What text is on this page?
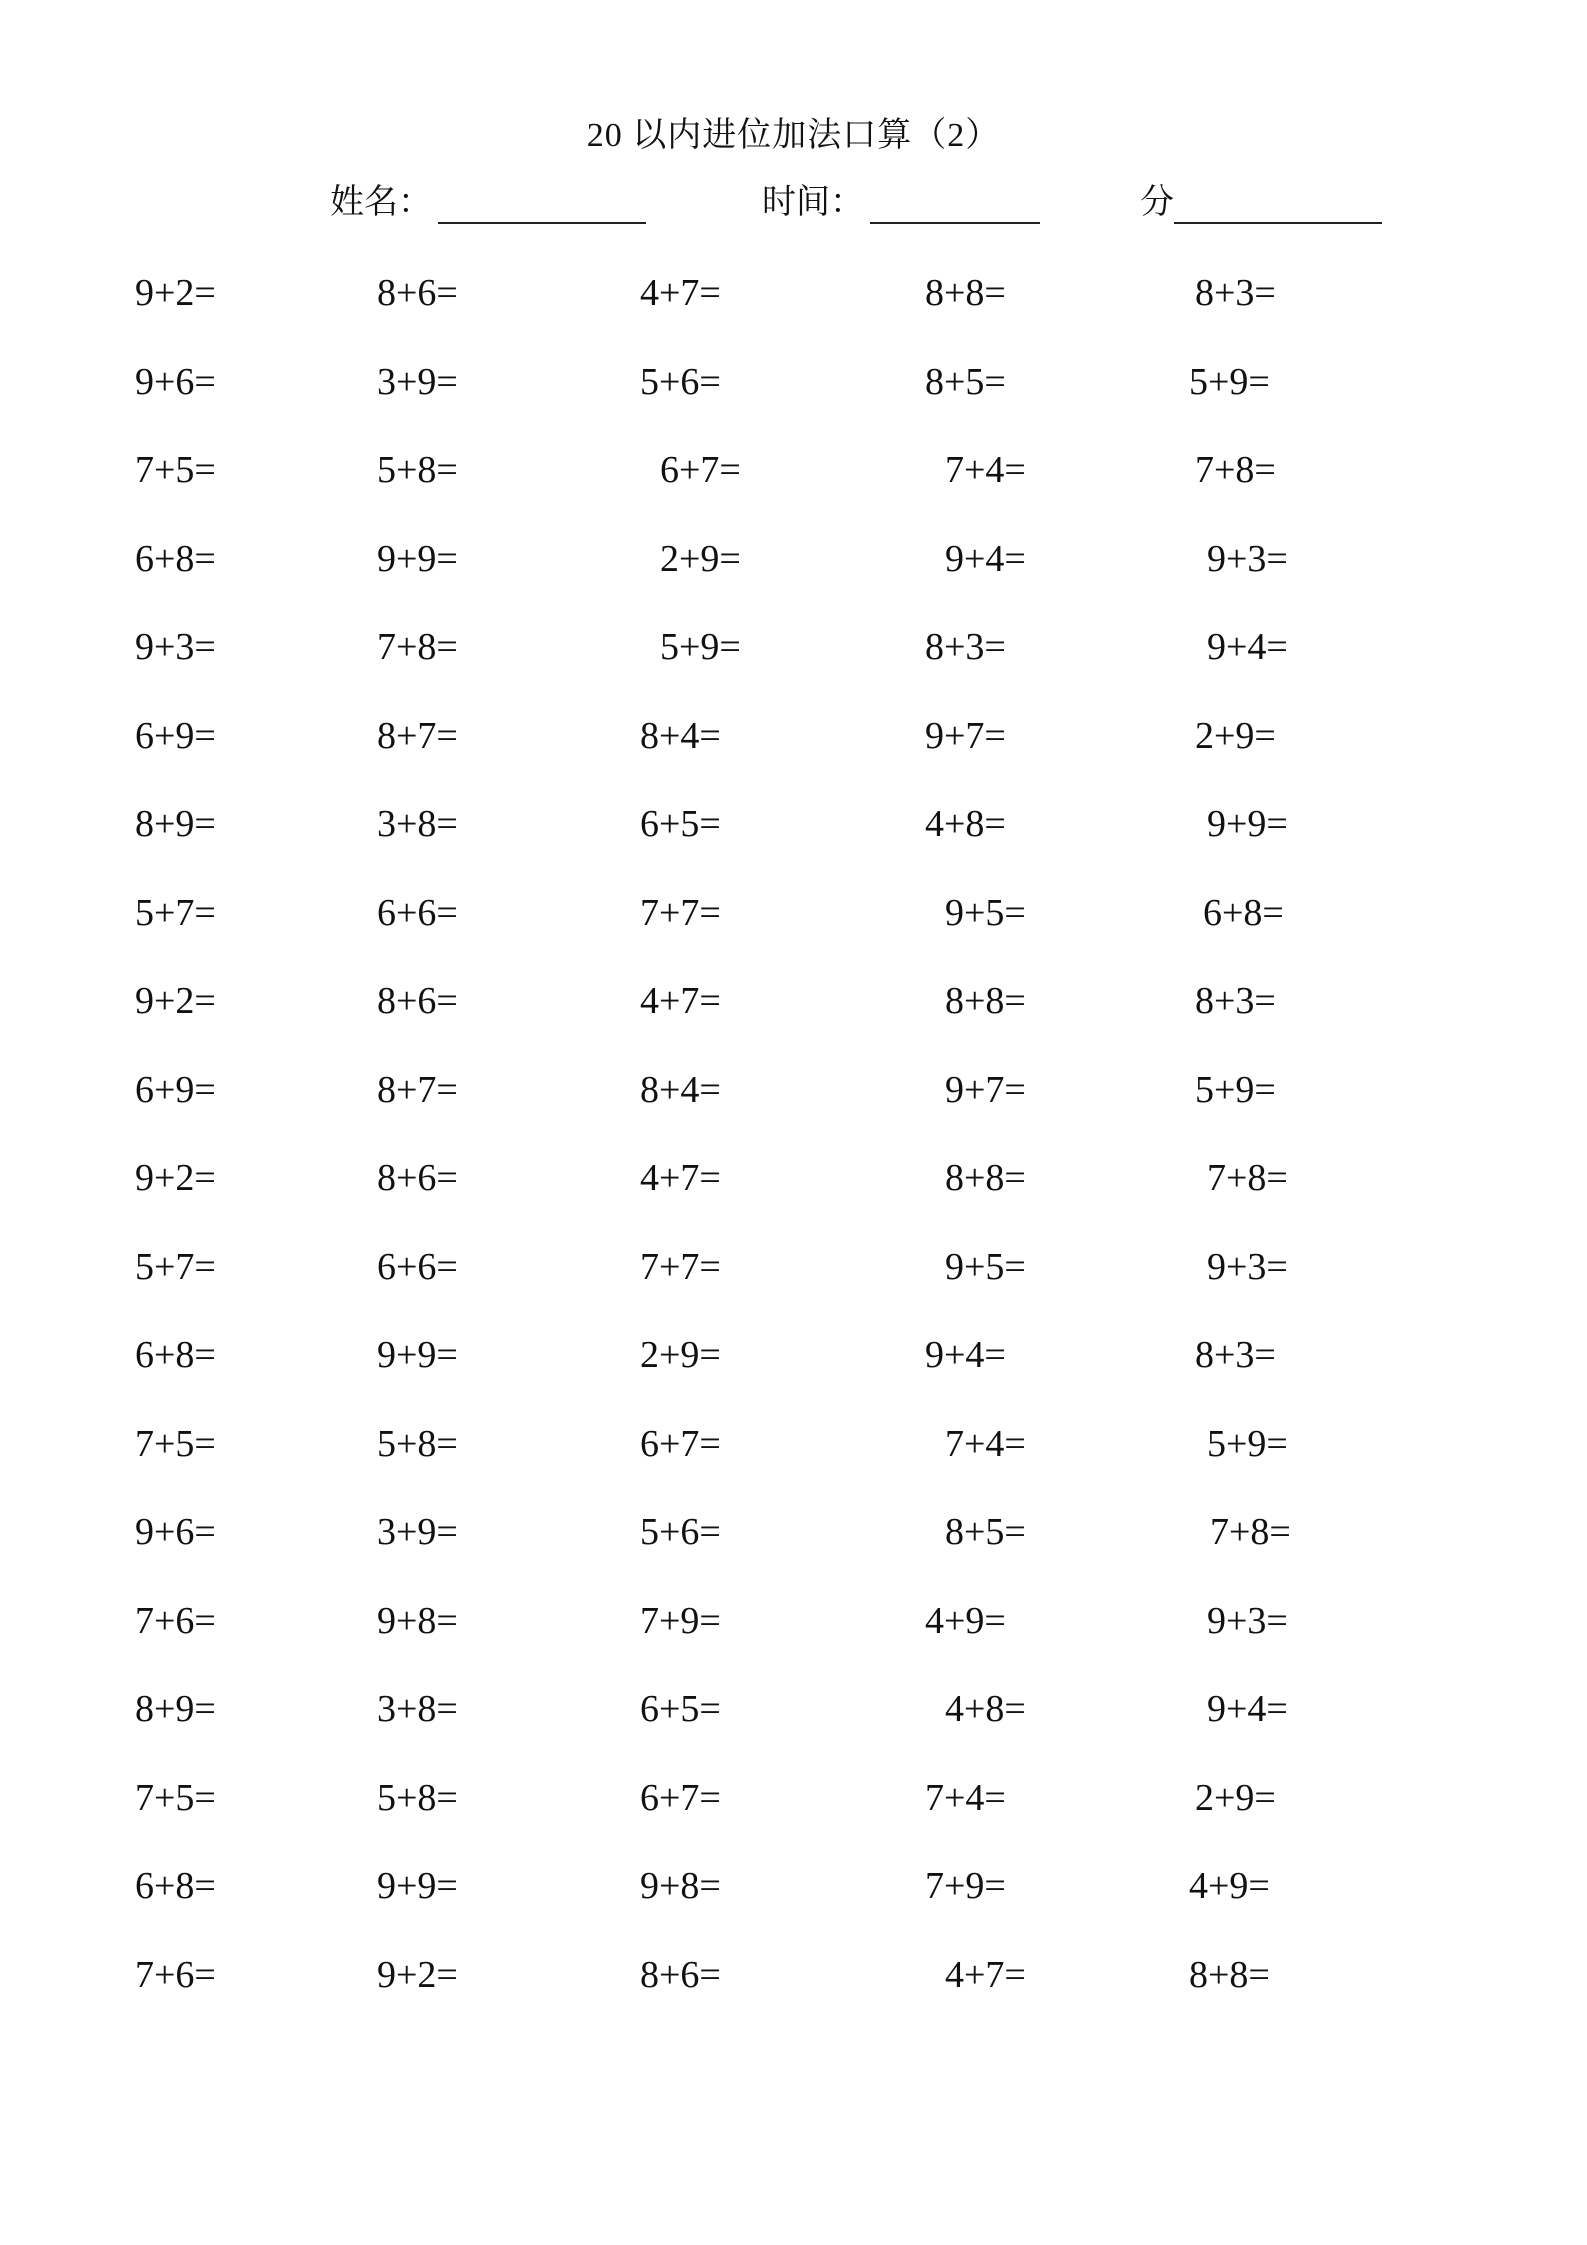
20 以内进位加法口算（2）
姓名：	时间：	分
9+2=	8+6=	4+7=	8+8=	8+3=
9+6=	3+9=	5+6=	8+5=	5+9=
7+5=	5+8=	6+7=	7+4=	7+8=
6+8=	9+9=	2+9=	9+4=	9+3=
9+3=	7+8=	5+9=	8+3=	9+4=
6+9=	8+7=	8+4=	9+7=	2+9=
8+9=	3+8=	6+5=	4+8=	9+9=
5+7=	6+6=	7+7=	9+5=	6+8=
9+2=	8+6=	4+7=	8+8=	8+3=
6+9=	8+7=	8+4=	9+7=	5+9=
9+2=	8+6=	4+7=	8+8=	7+8=
5+7=	6+6=	7+7=	9+5=	9+3=
6+8=	9+9=	2+9=	9+4=	8+3=
7+5=	5+8=	6+7=	7+4=	5+9=
9+6=	3+9=	5+6=	8+5=	7+8=
7+6=	9+8=	7+9=	4+9=	9+3=
8+9=	3+8=	6+5=	4+8=	9+4=
7+5=	5+8=	6+7=	7+4=	2+9=
6+8=	9+9=	9+8=	7+9=	4+9=
7+6=	9+2=	8+6=	4+7=	8+8=
